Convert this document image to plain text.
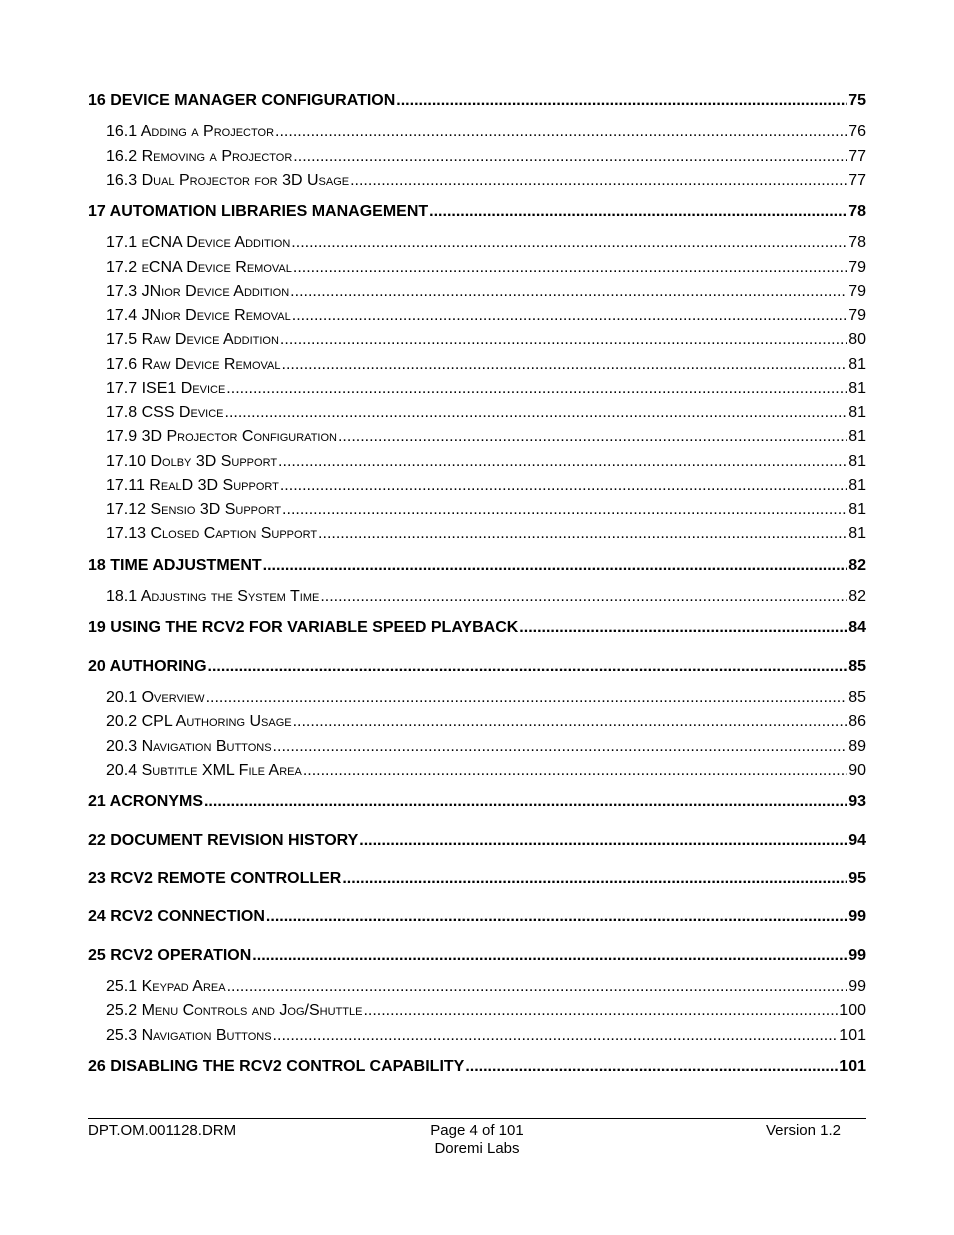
16 DEVICE MANAGER CONFIGURATION .....	75
16.1 Adding a Projector .....	76
16.2 Removing a Projector .....	77
16.3 Dual Projector for 3D Usage .....	77
17 AUTOMATION LIBRARIES MANAGEMENT .....	78
17.1 eCNA Device Addition .....	78
17.2 eCNA Device Removal .....	79
17.3 JNior Device Addition .....	79
17.4 JNior Device Removal .....	79
17.5 Raw Device Addition .....	80
17.6 Raw Device Removal .....	81
17.7 ISE1 Device .....	81
17.8 CSS Device .....	81
17.9 3D Projector Configuration .....	81
17.10 Dolby 3D Support .....	81
17.11 RealD 3D Support .....	81
17.12 Sensio 3D Support .....	81
17.13 Closed Caption Support .....	81
18 TIME ADJUSTMENT .....	82
18.1 Adjusting the System Time .....	82
19 USING THE RCV2 FOR VARIABLE SPEED PLAYBACK .....	84
20 AUTHORING .....	85
20.1 Overview .....	85
20.2 CPL Authoring Usage .....	86
20.3 Navigation Buttons .....	89
20.4 Subtitle XML File Area .....	90
21 ACRONYMS .....	93
22 DOCUMENT REVISION HISTORY .....	94
23 RCV2 REMOTE CONTROLLER .....	95
24 RCV2 CONNECTION .....	99
25 RCV2 OPERATION .....	99
25.1 Keypad Area .....	99
25.2 Menu Controls and Jog/Shuttle .....	100
25.3 Navigation Buttons .....	101
26 DISABLING THE RCV2 CONTROL CAPABILITY .....	101
DPT.OM.001128.DRM	Page 4 of 101
Doremi Labs
Version 1.2
